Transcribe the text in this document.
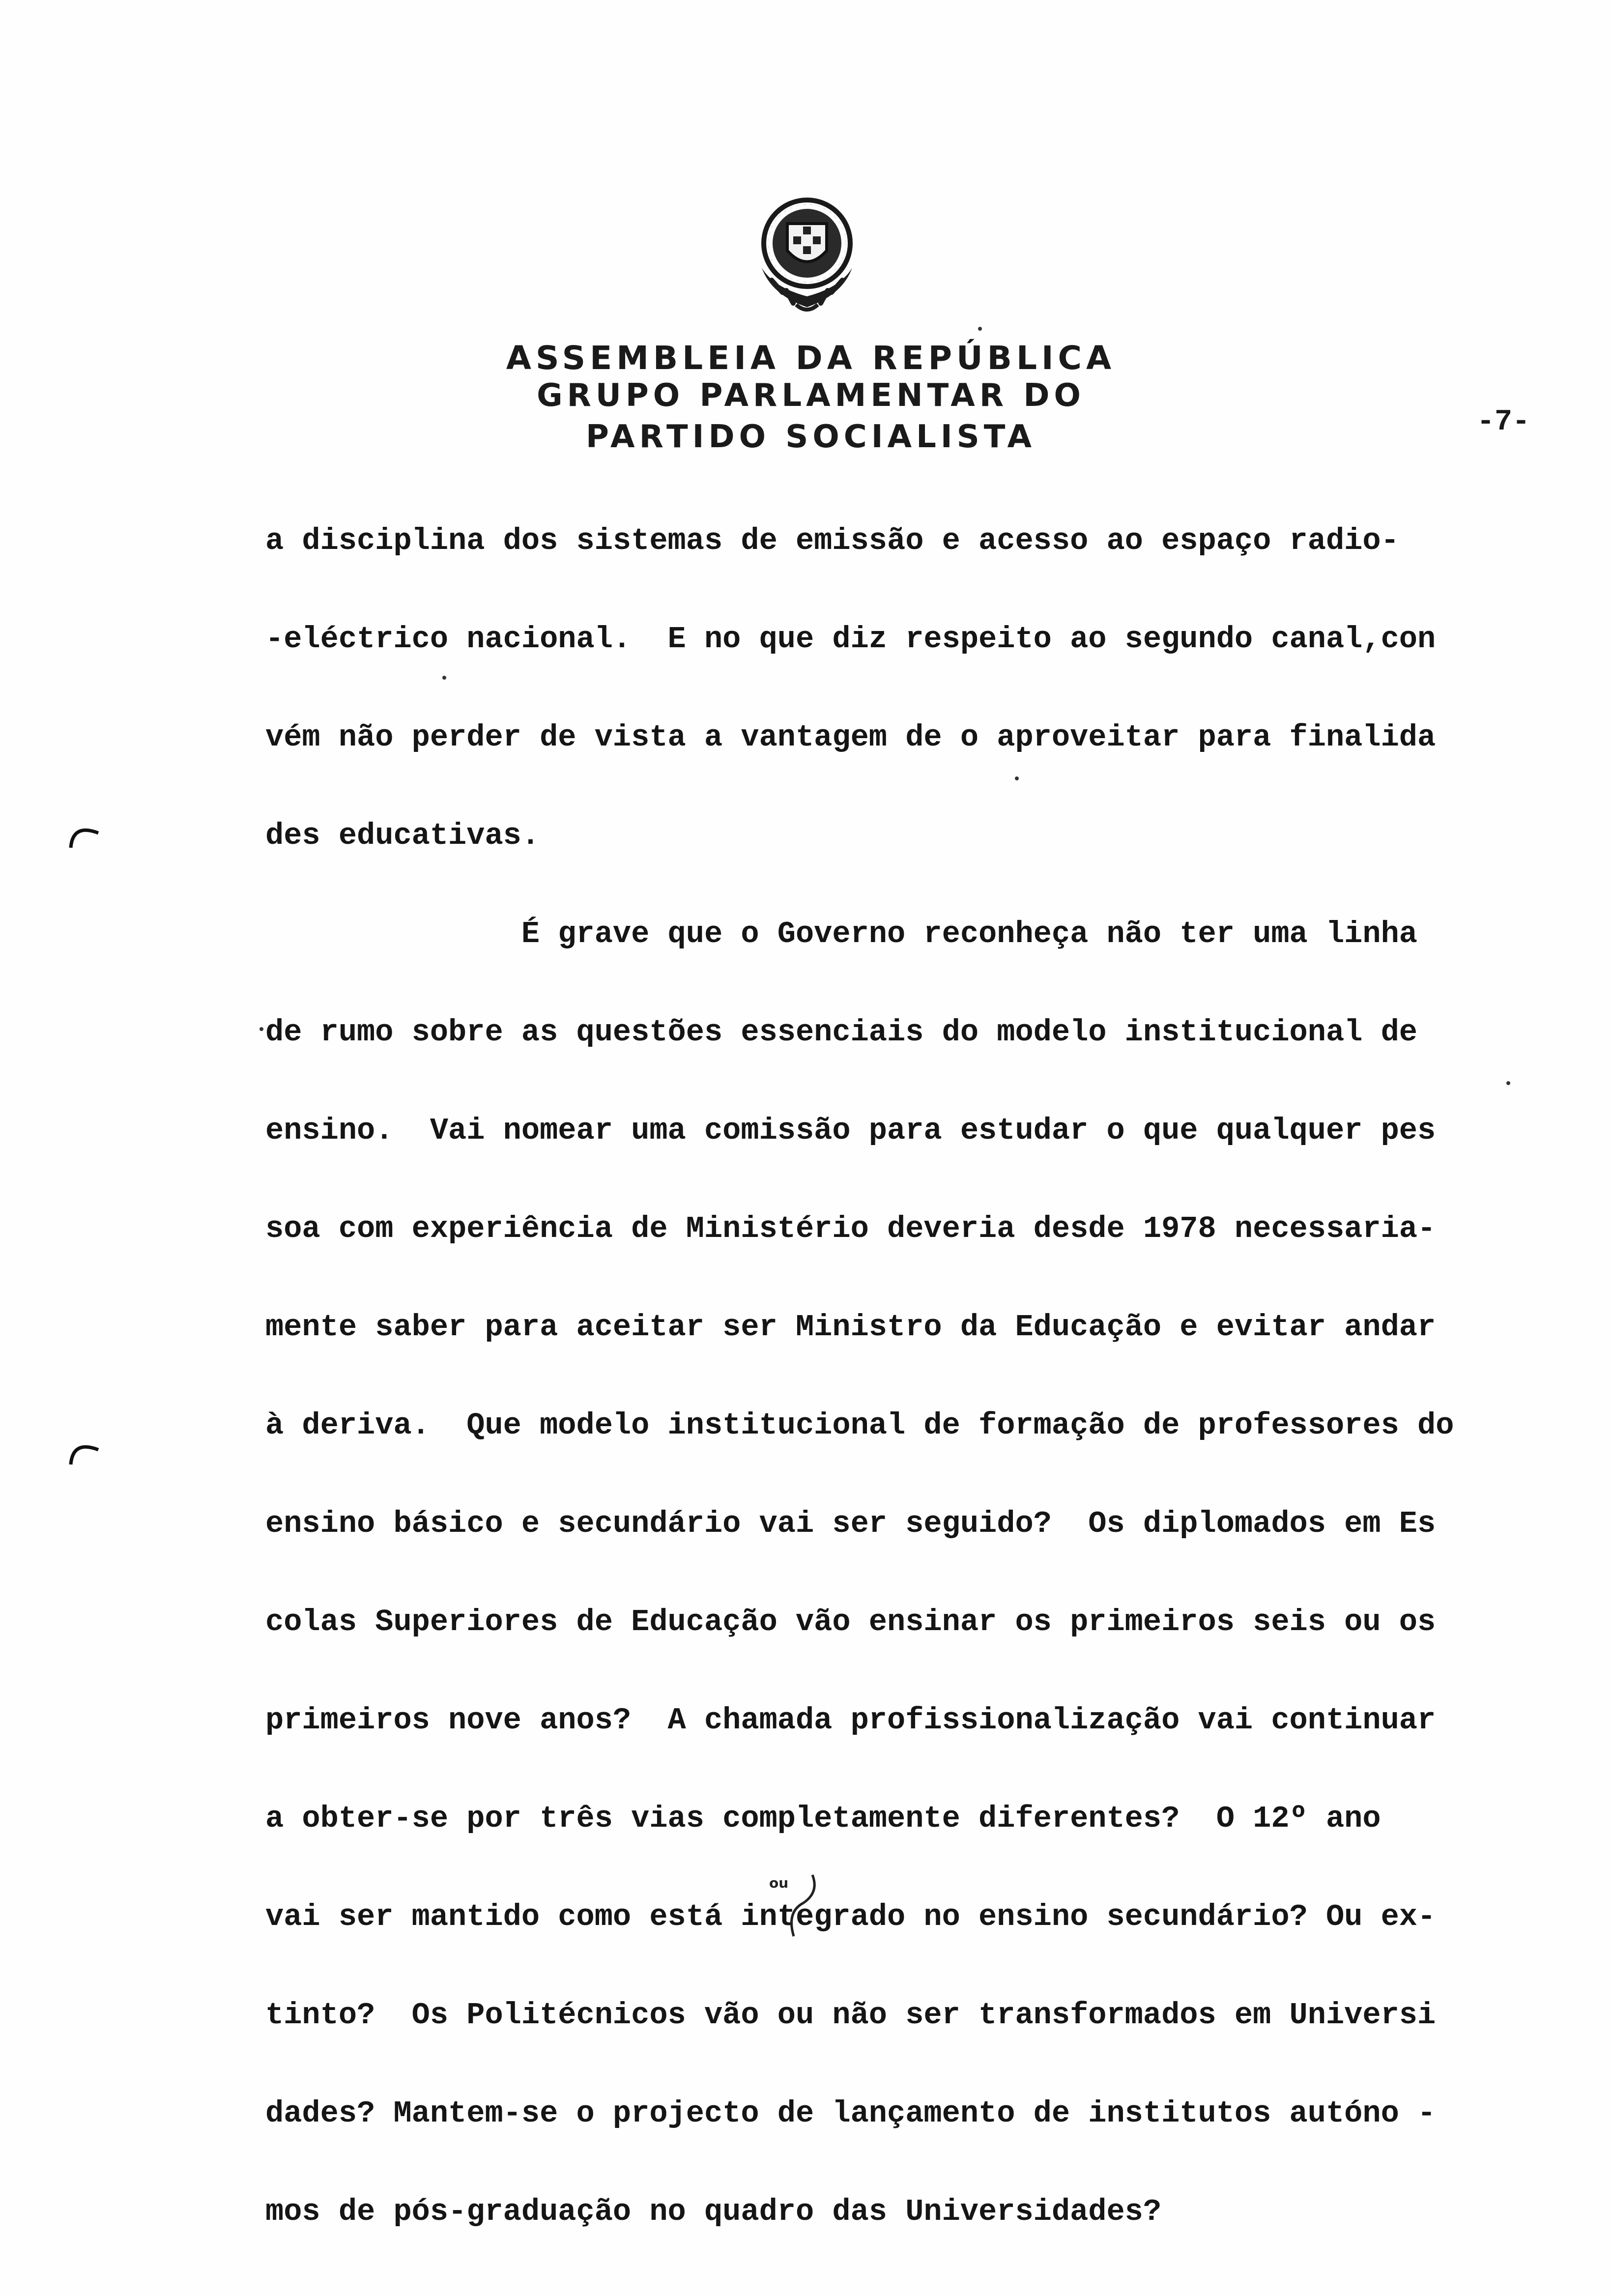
ASSEMBLEIA DA REPÚBLICA
GRUPO PARLAMENTAR DO
PARTIDO SOCIALISTA	-7-
a disciplina dos sistemas de emissão e acesso ao espaço radio-
-eléctrico nacional.  E no que diz respeito ao segundo canal,con
vém não perder de vista a vantagem de o aproveitar para finalida
des educativas.
É grave que o Governo reconheça não ter uma linha
de rumo sobre as questões essenciais do modelo institucional de
ensino.  Vai nomear uma comissão para estudar o que qualquer pes
soa com experiência de Ministério deveria desde 1978 necessaria-
mente saber para aceitar ser Ministro da Educação e evitar andar
à deriva.  Que modelo institucional de formação de professores do
ensino básico e secundário vai ser seguido?  Os diplomados em Es
colas Superiores de Educação vão ensinar os primeiros seis ou os
primeiros nove anos?  A chamada profissionalização vai continuar
a obter-se por três vias completamente diferentes?  O 12º ano
vai ser mantido como está integrado no ensino secundário? Ou ex-
tinto?  Os Politécnicos vão ou não ser transformados em Universi
dades? Mantem-se o projecto de lançamento de institutos autóno -
mos de pós-graduação no quadro das Universidades?
ou
